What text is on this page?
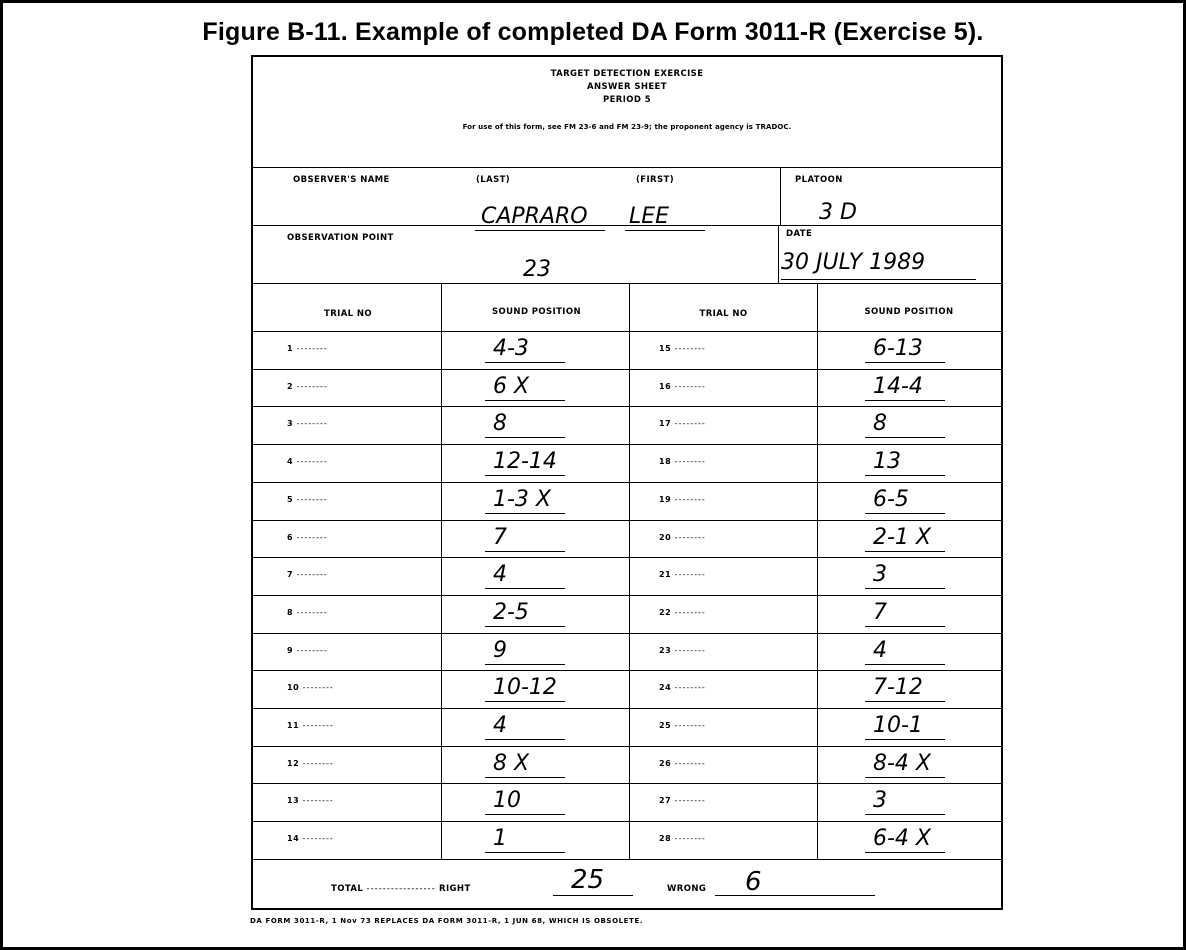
Figure B-11. Example of completed DA Form 3011-R (Exercise 5).
TARGET DETECTION EXERCISE
ANSWER SHEET
PERIOD 5
For use of this form, see FM 23-6 and FM 23-9; the proponent agency is TRADOC.
OBSERVER'S NAME	(LAST)	(FIRST)	PLATOON
CAPRARO LEE	3 D
OBSERVATION POINT	DATE
23	30 JULY 1989
TRIAL NO	SOUND POSITION	TRIAL NO	SOUND POSITION
1 --------	4-3	15 --------	6-13
2 --------	6 X	16 --------	14-4
3 --------	8	17 --------	8
4 --------	12-14	18 --------	13
5 --------	1-3 X	19 --------	6-5
6 --------	7	20 --------	2-1 X
7 --------	4	21 --------	3
8 --------	2-5	22 --------	7
9 --------	9	23 --------	4
10 --------	10-12	24 --------	7-12
11 --------	4	25 --------	10-1
12 --------	8 X	26 --------	8-4 X
13 --------	10	27 --------	3
14 --------	1	28 --------	6-4 X
TOTAL ----------------- RIGHT	25	WRONG 6
DA FORM 3011-R, 1 Nov 73 REPLACES DA FORM 3011-R, 1 JUN 68, WHICH IS OBSOLETE.
